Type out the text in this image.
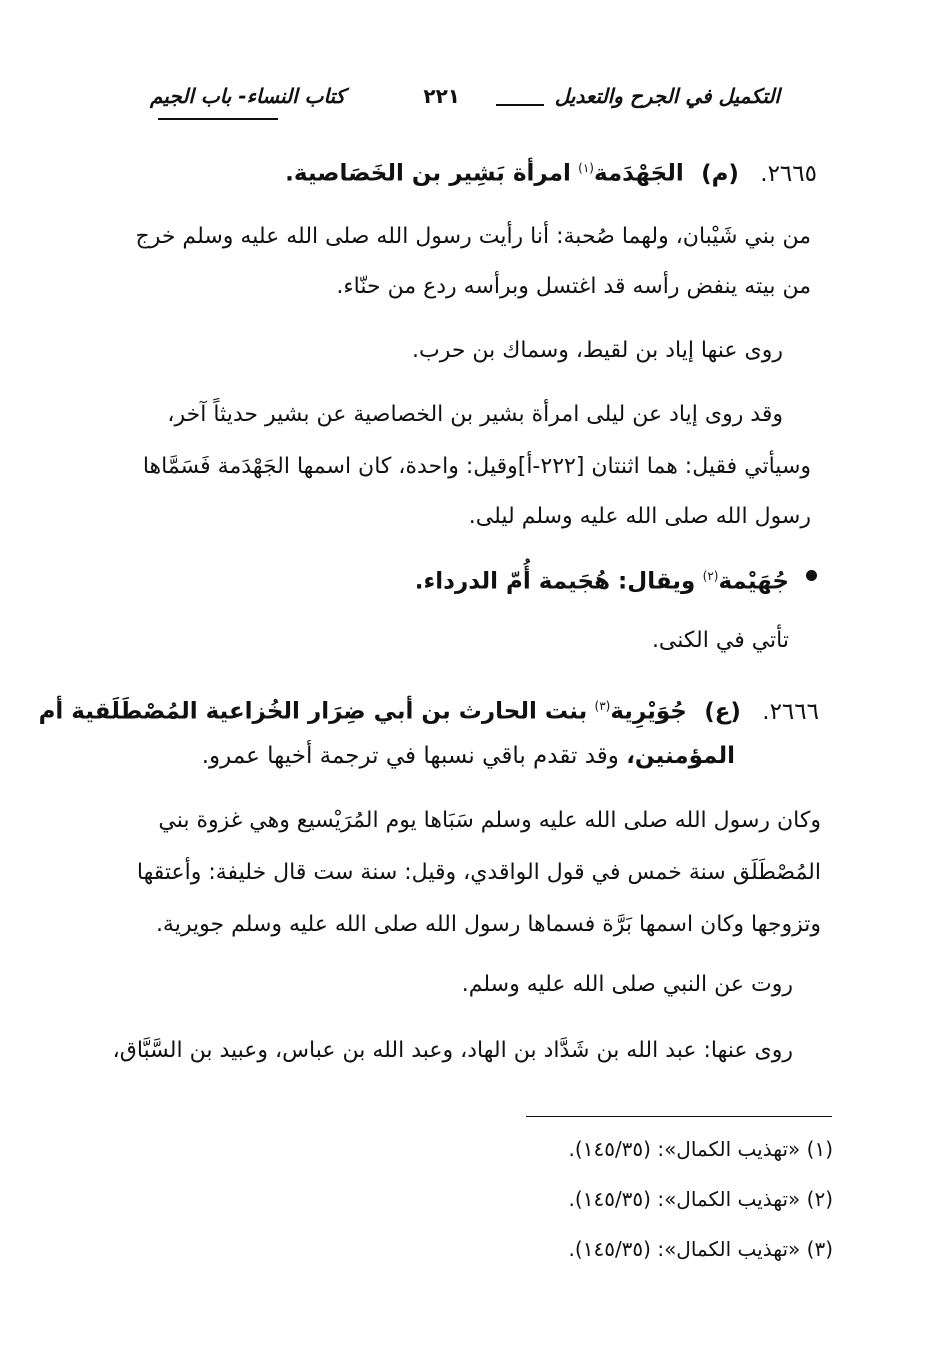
التكميل في الجرح والتعديل
٢٢١
كتاب النساء- باب الجيم
٢٦٦٥. (م) الجَهْدَمة$^{(١)}$ امرأة بَشِير بن الخَصَاصية.
من بني شَيْبان، ولهما صُحبة: أنا رأيت رسول الله صلى الله عليه وسلم خرج
من بيته ينفض رأسه قد اغتسل وبرأسه ردع من حنّاء.
روى عنها إياد بن لقيط، وسماك بن حرب.
وقد روى إياد عن ليلى امرأة بشير بن الخصاصية عن بشير حديثاً آخر،
وسيأتي فقيل: هما اثنتان [٢٢٢-أ]وقيل: واحدة، كان اسمها الجَهْدَمة فَسَمَّاها
رسول الله صلى الله عليه وسلم ليلى.
جُهَيْمة$^{(٢)}$ ويقال: هُجَيمة أُمّ الدرداء.
تأتي في الكنى.
٢٦٦٦. (ع) جُوَيْرِية$^{(٣)}$ بنت الحارث بن أبي ضِرَار الخُزاعية المُصْطَلَقية أم
المؤمنين، وقد تقدم باقي نسبها في ترجمة أخيها عمرو.
وكان رسول الله صلى الله عليه وسلم سَبَاها يوم المُرَيْسيع وهي غزوة بني
المُصْطَلَق سنة خمس في قول الواقدي، وقيل: سنة ست قال خليفة: وأعتقها
وتزوجها وكان اسمها بَرَّة فسماها رسول الله صلى الله عليه وسلم جويرية.
روت عن النبي صلى الله عليه وسلم.
روى عنها: عبد الله بن شَدَّاد بن الهاد، وعبد الله بن عباس، وعبيد بن السَّبَّاق،
(١) «تهذيب الكمال»: (١٤٥/٣٥).
(٢) «تهذيب الكمال»: (١٤٥/٣٥).
(٣) «تهذيب الكمال»: (١٤٥/٣٥).
